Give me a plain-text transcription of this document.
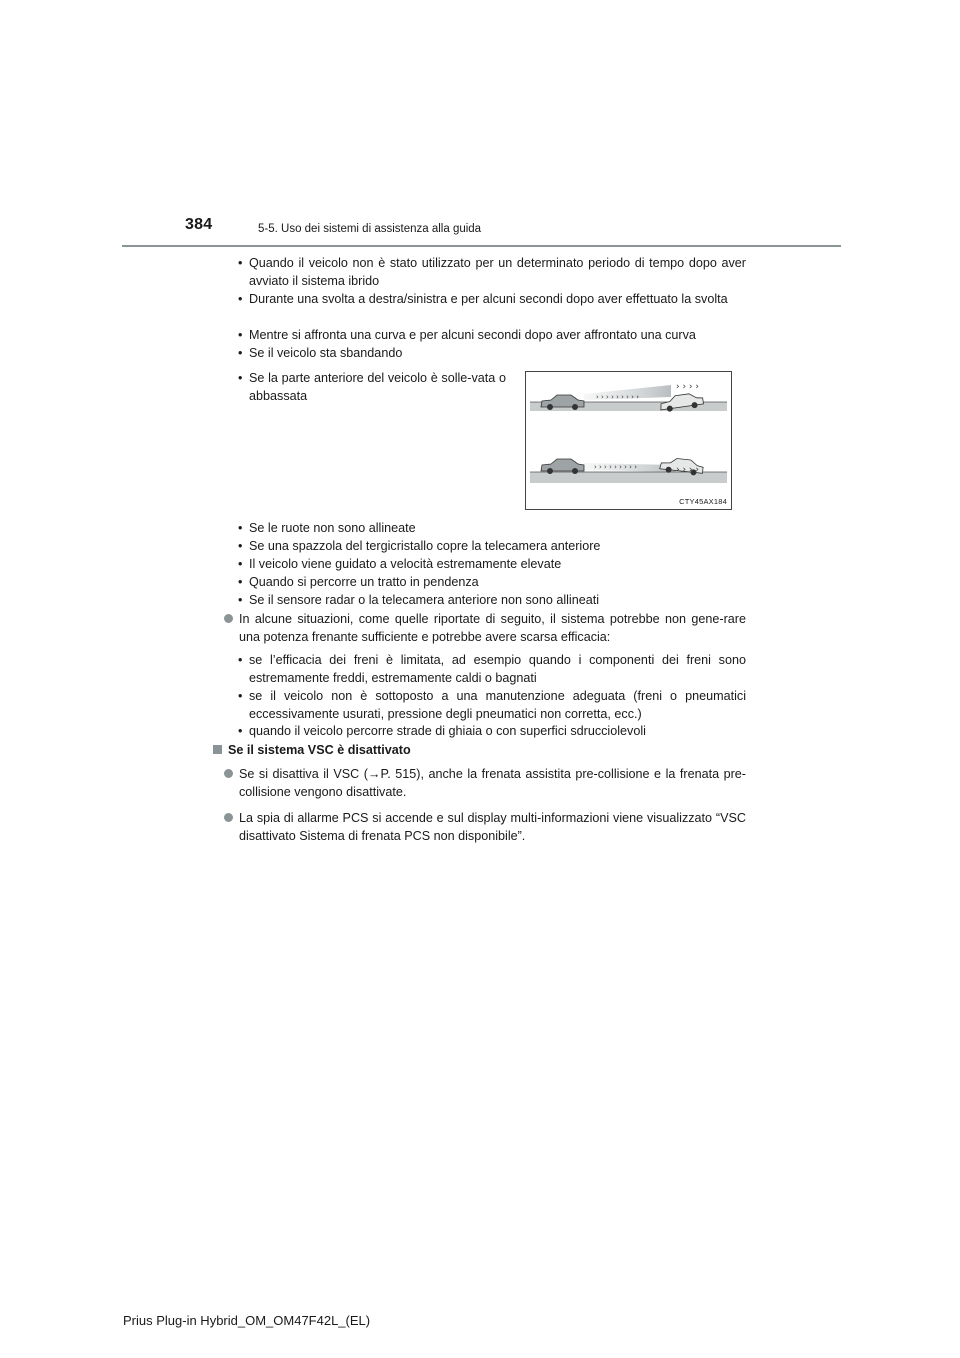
384	5-5. Uso dei sistemi di assistenza alla guida
• Quando il veicolo non è stato utilizzato per un determinato periodo di tempo dopo aver avviato il sistema ibrido
• Durante una svolta a destra/sinistra e per alcuni secondi dopo aver effettuato la svolta
• Mentre si affronta una curva e per alcuni secondi dopo aver affrontato una curva
• Se il veicolo sta sbandando
• Se la parte anteriore del veicolo è solle-vata o abbassata	› › › › › › › › ›
› › › ›
› › › › › › › › ›	› › › ›
CTY45AX184
• Se le ruote non sono allineate
• Se una spazzola del tergicristallo copre la telecamera anteriore
• Il veicolo viene guidato a velocità estremamente elevate
• Quando si percorre un tratto in pendenza
• Se il sensore radar o la telecamera anteriore non sono allineati
In alcune situazioni, come quelle riportate di seguito, il sistema potrebbe non gene-rare una potenza frenante sufficiente e potrebbe avere scarsa efficacia:
• se l’efficacia dei freni è limitata, ad esempio quando i componenti dei freni sono estremamente freddi, estremamente caldi o bagnati
• se il veicolo non è sottoposto a una manutenzione adeguata (freni o pneumatici eccessivamente usurati, pressione degli pneumatici non corretta, ecc.)
• quando il veicolo percorre strade di ghiaia o con superfici sdrucciolevoli
Se il sistema VSC è disattivato
Se si disattiva il VSC (→P. 515), anche la frenata assistita pre-collisione e la frenata pre-collisione vengono disattivate.
La spia di allarme PCS si accende e sul display multi-informazioni viene visualizzato “VSC disattivato Sistema di frenata PCS non disponibile”.
Prius Plug-in Hybrid_OM_OM47F42L_(EL)
